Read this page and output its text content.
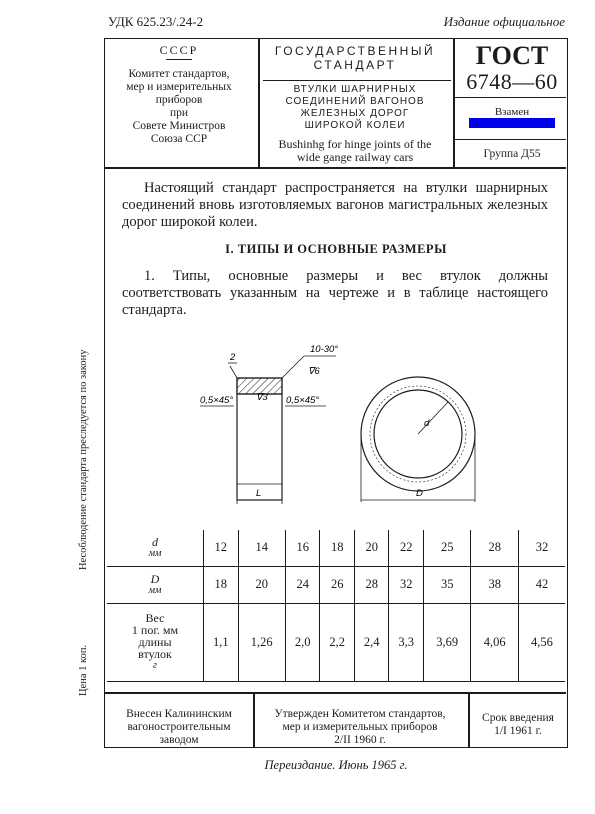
УДК 625.23/.24-2	Издание официальное
Несоблюдение стандарта преследуется по закону
Цена 1 коп.
СССР
Комитет стандартов,
мер и измерительных
приборов
при
Совете Министров
Союза ССР
ГОСУДАРСТВЕННЫЙ
СТАНДАРТ
ВТУЛКИ ШАРНИРНЫХ
СОЕДИНЕНИЙ ВАГОНОВ
ЖЕЛЕЗНЫХ ДОРОГ
ШИРОКОЙ КОЛЕИ
Bushinhg for hinge joints of the
wide gange railway cars
ГОСТ
6748—60
Взамен
Группа Д55
Настоящий стандарт распространяется на втулки шарнирных соединений вновь изготовляемых вагонов магистральных железных дорог широкой колеи.
I. ТИПЫ И ОСНОВНЫЕ РАЗМЕРЫ
1. Типы, основные размеры и вес втулок должны соответствовать указанным на чертеже и в таблице настоящего стандарта.
2
10-30°
∇6
∇3
0,5×45°	0,5×45°
L	D
d
d
мм	12	14	16	18	20	22	25	28	32

D
мм	18	20	24	26	28	32	35	38	42

Вес
1 пог. мм
длины
втулок
г	1,1	1,26	2,0	2,2	2,4	3,3	3,69	4,06	4,56
Внесен Калининским
вагоностроительным
заводом
Утвержден Комитетом стандартов,
мер и измерительных приборов
2/II 1960 г.
Срок введения
1/I 1961 г.
Переиздание. Июнь 1965 г.
